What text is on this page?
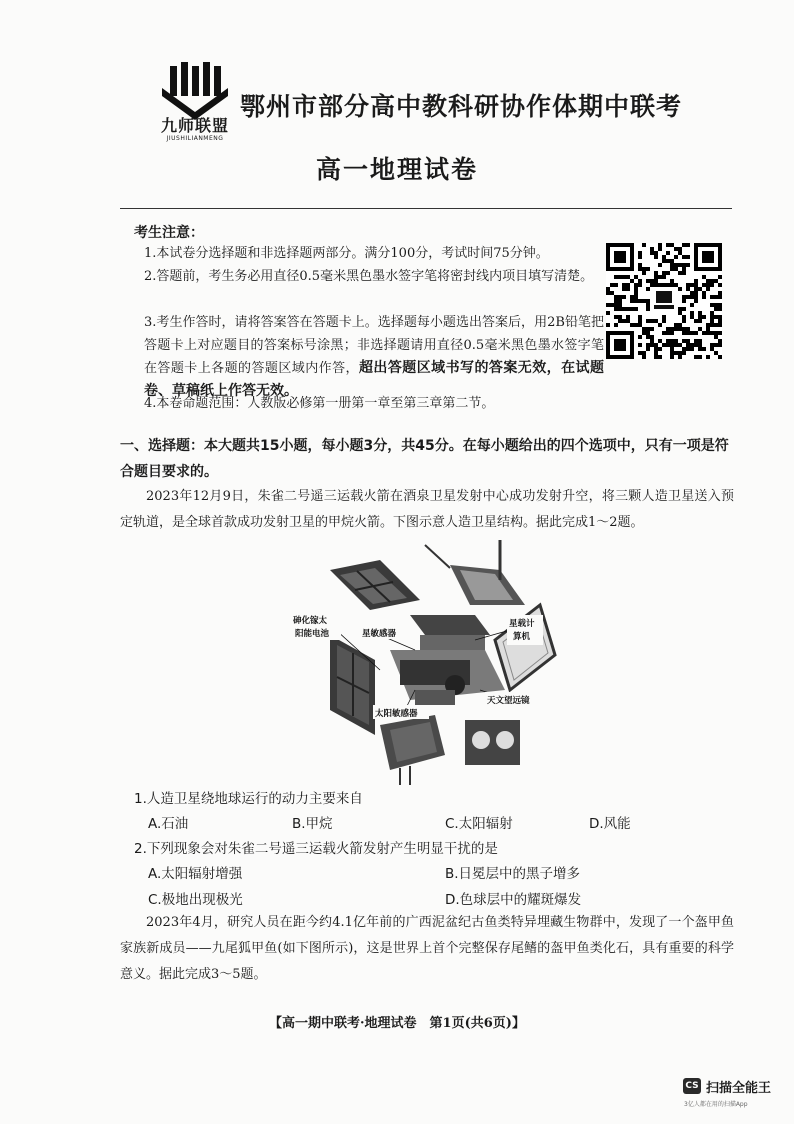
九师联盟
JIUSHILIANMENG
鄂州市部分高中教科研协作体期中联考
高一地理试卷
考生注意：
1.本试卷分选择题和非选择题两部分。满分100分，考试时间75分钟。
2.答题前，考生务必用直径0.5毫米黑色墨水签字笔将密封线内项目填写清楚。
3.考生作答时，请将答案答在答题卡上。选择题每小题选出答案后，用2B铅笔把答题卡上对应题目的答案标号涂黑；非选择题请用直径0.5毫米黑色墨水签字笔在答题卡上各题的答题区域内作答，超出答题区域书写的答案无效，在试题卷、草稿纸上作答无效。
4.本卷命题范围：人教版必修第一册第一章至第三章第二节。
一、选择题：本大题共15小题，每小题3分，共45分。在每小题给出的四个选项中，只有一项是符合题目要求的。
2023年12月9日，朱雀二号遥三运载火箭在酒泉卫星发射中心成功发射升空，将三颗人造卫星送入预定轨道，是全球首款成功发射卫星的甲烷火箭。下图示意人造卫星结构。据此完成1～2题。
砷化镓太
阳能电池	星敏感器
星载计
算机
天文望远镜
太阳敏感器
1.人造卫星绕地球运行的动力主要来自
A.石油	B.甲烷	C.太阳辐射	D.风能
2.下列现象会对朱雀二号遥三运载火箭发射产生明显干扰的是
A.太阳辐射增强	B.日冕层中的黑子增多
C.极地出现极光	D.色球层中的耀斑爆发
2023年4月，研究人员在距今约4.1亿年前的广西泥盆纪古鱼类特异埋藏生物群中，发现了一个盔甲鱼家族新成员——九尾狐甲鱼(如下图所示)，这是世界上首个完整保存尾鳍的盔甲鱼类化石，具有重要的科学意义。据此完成3～5题。
【高一期中联考·地理试卷　第1页(共6页)】
CS 扫描全能王
3亿人都在用的扫描App
